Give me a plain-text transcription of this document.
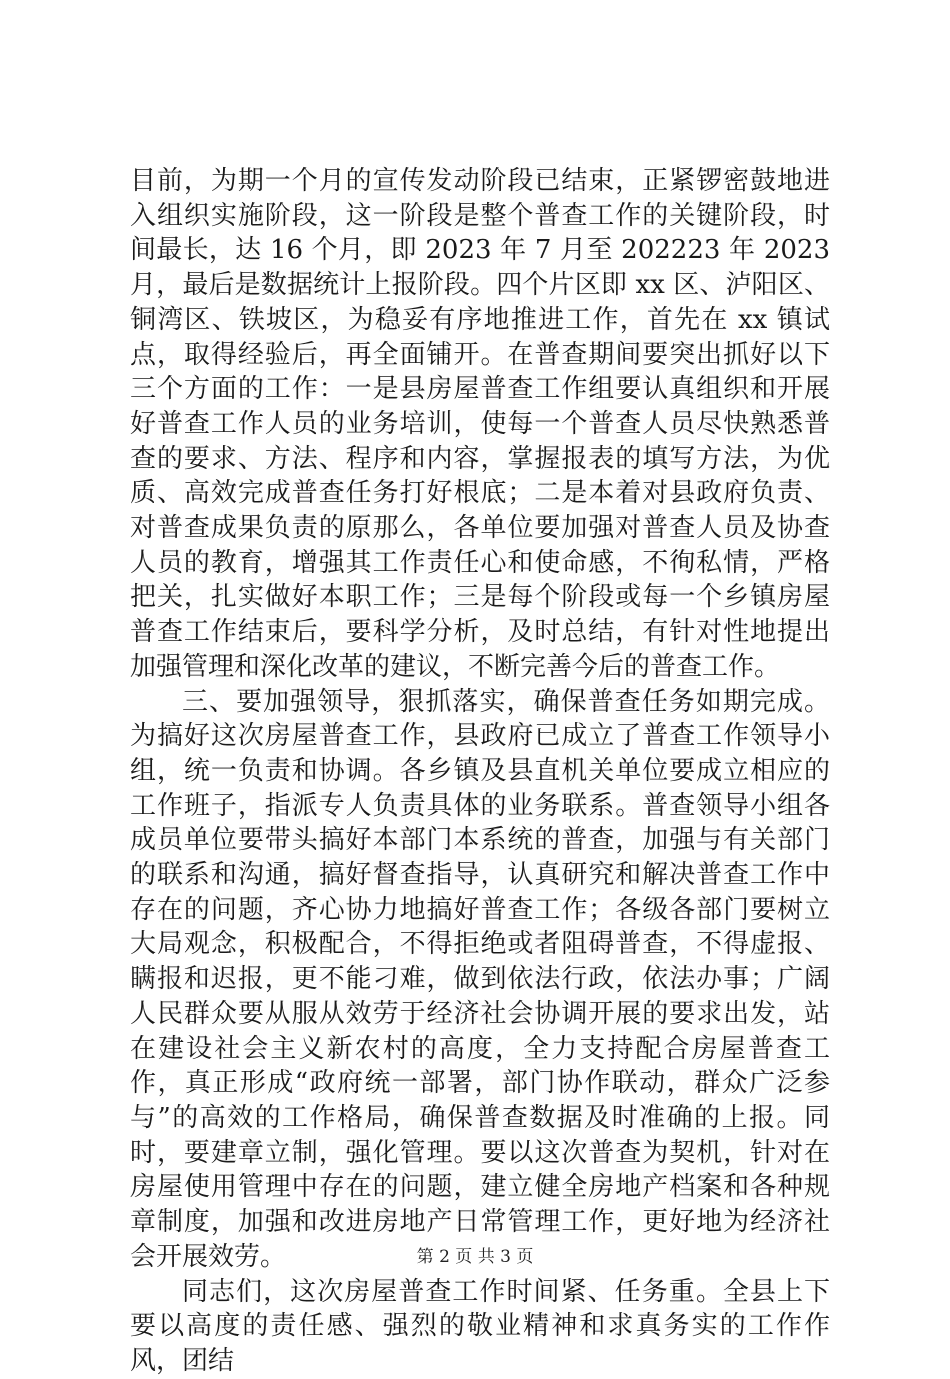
目前，为期一个月的宣传发动阶段已结束，正紧锣密鼓地进入组织实施阶段，这一阶段是整个普查工作的关键阶段，时间最长，达 16 个月，即 2023 年 7 月至 202223 年 2023 月，最后是数据统计上报阶段。四个片区即 xx 区、泸阳区、铜湾区、铁坡区，为稳妥有序地推进工作，首先在 xx 镇试点，取得经验后，再全面铺开。在普查期间要突出抓好以下三个方面的工作：一是县房屋普查工作组要认真组织和开展好普查工作人员的业务培训，使每一个普查人员尽快熟悉普查的要求、方法、程序和内容，掌握报表的填写方法，为优质、高效完成普查任务打好根底；二是本着对县政府负责、对普查成果负责的原那么，各单位要加强对普查人员及协查人员的教育，增强其工作责任心和使命感，不徇私情，严格把关，扎实做好本职工作；三是每个阶段或每一个乡镇房屋普查工作结束后，要科学分析，及时总结，有针对性地提出加强管理和深化改革的建议，不断完善今后的普查工作。

三、要加强领导，狠抓落实，确保普查任务如期完成。为搞好这次房屋普查工作，县政府已成立了普查工作领导小组，统一负责和协调。各乡镇及县直机关单位要成立相应的工作班子，指派专人负责具体的业务联系。普查领导小组各成员单位要带头搞好本部门本系统的普查，加强与有关部门的联系和沟通，搞好督查指导，认真研究和解决普查工作中存在的问题，齐心协力地搞好普查工作；各级各部门要树立大局观念，积极配合，不得拒绝或者阻碍普查，不得虚报、瞒报和迟报，更不能刁难，做到依法行政，依法办事；广阔人民群众要从服从效劳于经济社会协调开展的要求出发，站在建设社会主义新农村的高度，全力支持配合房屋普查工作，真正形成“政府统一部署，部门协作联动，群众广泛参与”的高效的工作格局，确保普查数据及时准确的上报。同时，要建章立制，强化管理。要以这次普查为契机，针对在房屋使用管理中存在的问题，建立健全房地产档案和各种规章制度，加强和改进房地产日常管理工作，更好地为经济社会开展效劳。

同志们，这次房屋普查工作时间紧、任务重。全县上下要以高度的责任感、强烈的敬业精神和求真务实的工作作风，团结

第 2 页 共 3 页
